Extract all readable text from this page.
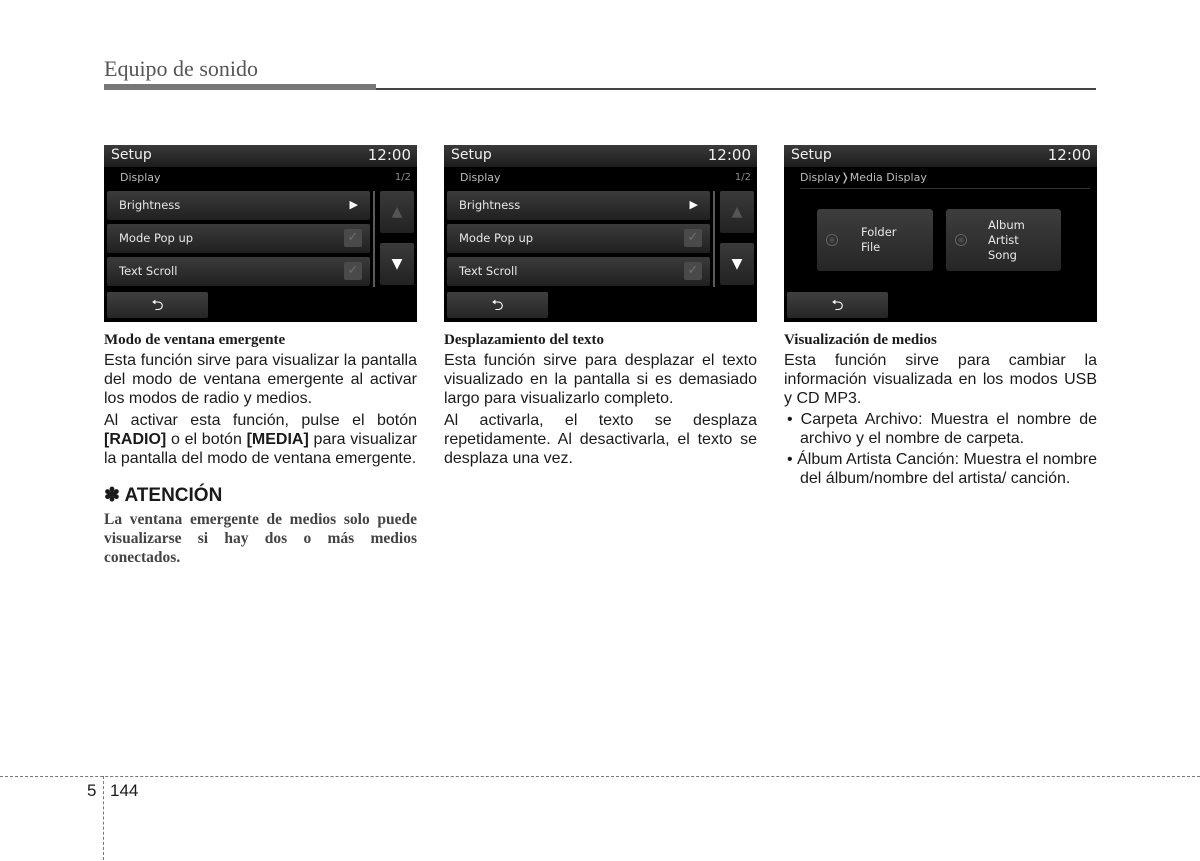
Equipo de sonido
Setup	12:00
Display	1/2
Brightness	▶
Mode Pop up	✓
Text Scroll	✓
▲
▼
⮌
Modo de ventana emergente
Esta función sirve para visualizar la pantalla del modo de ventana emergente al activar los modos de radio y medios.
Al activar esta función, pulse el botón [RADIO] o el botón [MEDIA] para visualizar la pantalla del modo de ventana emergente.
✽ ATENCIÓN
La ventana emergente de medios solo puede visualizarse si hay dos o más medios conectados.
Setup	12:00
Display	1/2
Brightness	▶
Mode Pop up	✓
Text Scroll	✓
▲
▼
⮌
Desplazamiento del texto
Esta función sirve para desplazar el texto visualizado en la pantalla si es demasiado largo para visualizarlo completo.
Al activarla, el texto se desplaza repetidamente. Al desactivarla, el texto se desplaza una vez.
Setup	12:00
Display❭Media Display
Folder
File
Album
Artist
Song
⮌
Visualización de medios
Esta función sirve para cambiar la información visualizada en los modos USB y CD MP3.
• Carpeta Archivo: Muestra el nombre de archivo y el nombre de carpeta.
• Álbum Artista Canción: Muestra el nombre del álbum/nombre del artista/ canción.
5 144
